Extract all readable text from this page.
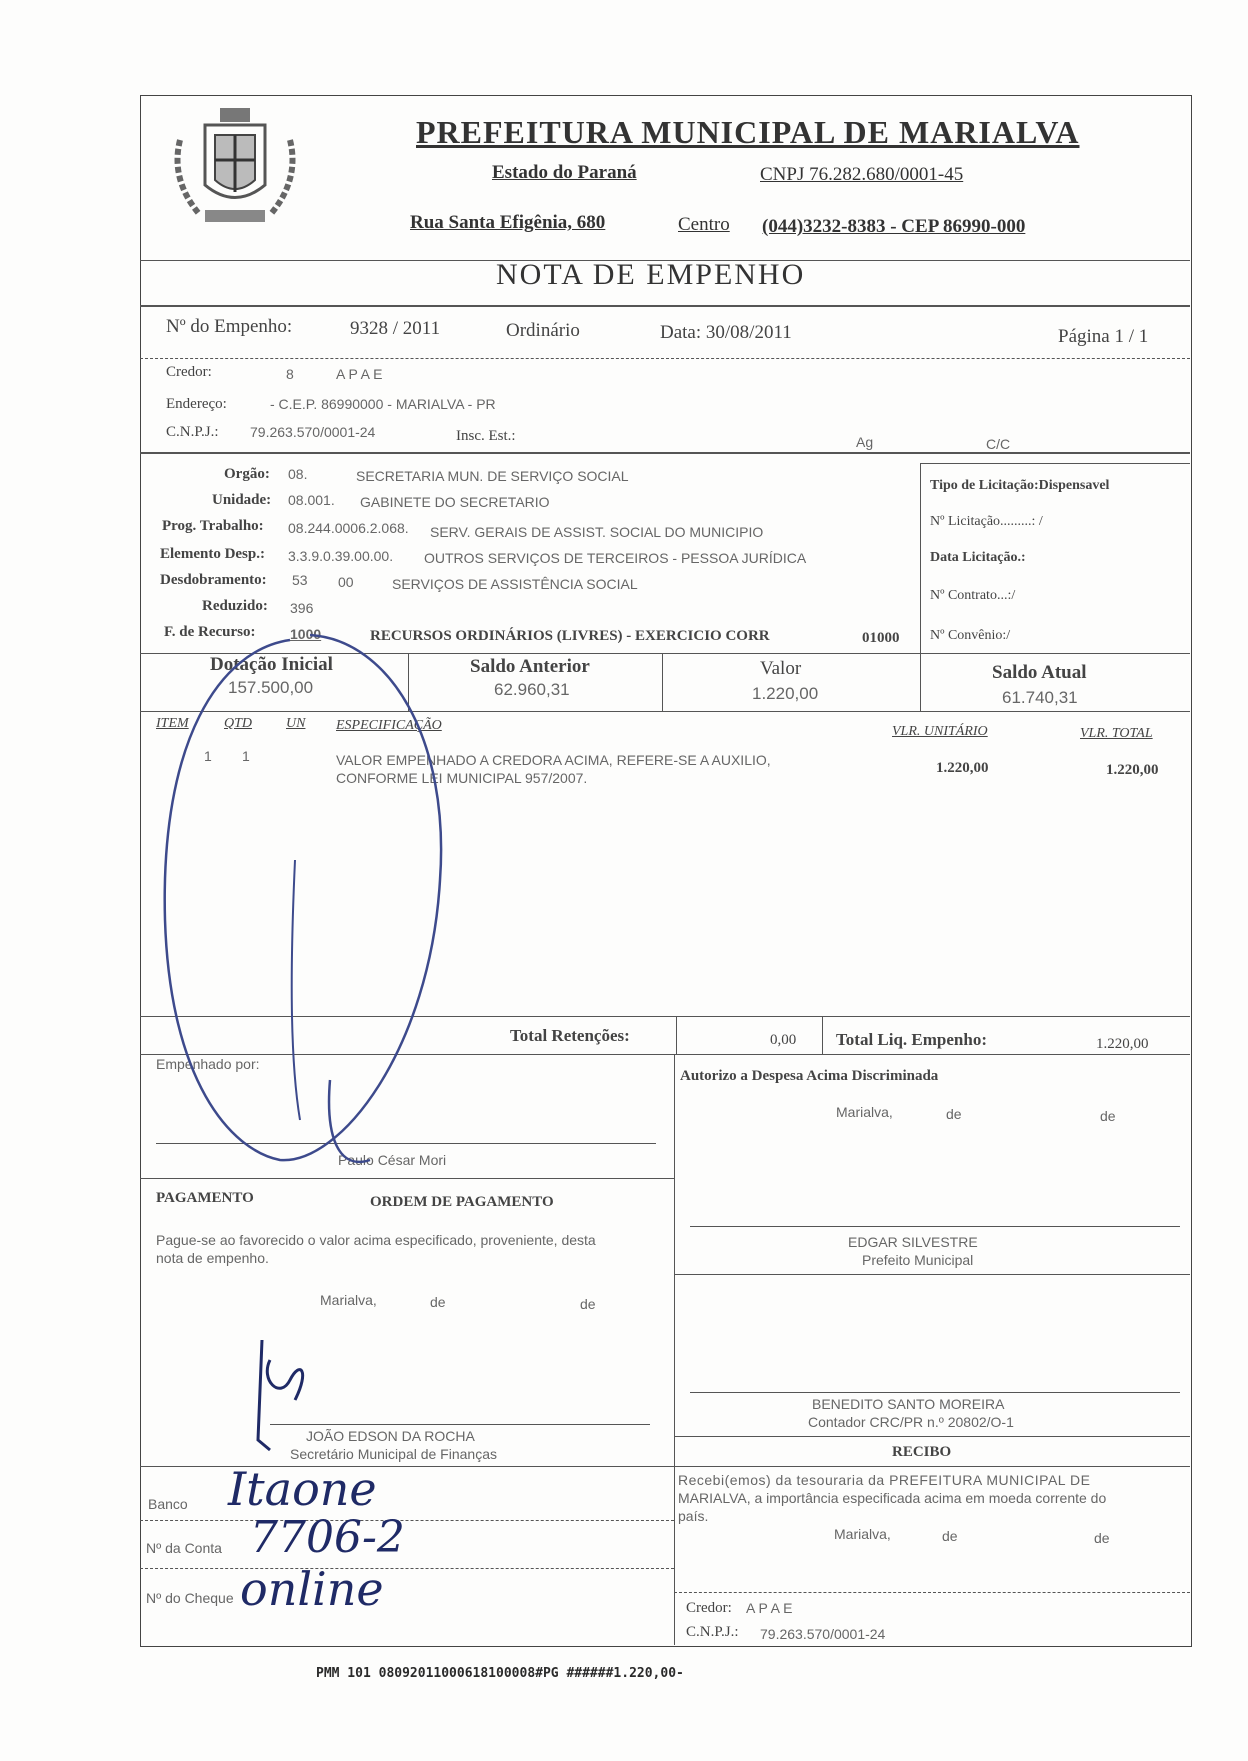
PREFEITURA MUNICIPAL DE MARIALVA
Estado do Paraná	CNPJ 76.282.680/0001-45
Rua Santa Efigênia, 680	Centro (044)3232-8383 - CEP 86990-000
NOTA DE EMPENHO
Nº do Empenho:	9328 / 2011	Ordinário	Data: 30/08/2011	Página 1 / 1
Credor:	8	A P A E
Endereço:	- C.E.P. 86990000 - MARIALVA - PR
C.N.P.J.: 79.263.570/0001-24	Insc. Est.:	Ag	C/C
Orgão: 08.	SECRETARIA MUN. DE SERVIÇO SOCIAL
Unidade: 08.001. GABINETE DO SECRETARIO
Prog. Trabalho: 08.244.0006.2.068. SERV. GERAIS DE ASSIST. SOCIAL DO MUNICIPIO
Elemento Desp.: 3.3.9.0.39.00.00. OUTROS SERVIÇOS DE TERCEIROS - PESSOA JURÍDICA
Desdobramento: 53 00	SERVIÇOS DE ASSISTÊNCIA SOCIAL
Reduzido: 396
F. de Recurso: 1000	RECURSOS ORDINÁRIOS (LIVRES) - EXERCICIO CORR	01000
Tipo de Licitação:Dispensavel
Nº Licitação.........: /
Data Licitação.:
Nº Contrato...:/
Nº Convênio:/
Dotação Inicial
157.500,00
Saldo Anterior
62.960,31
Valor
1.220,00
Saldo Atual
61.740,31
ITEM	QTD UN ESPECIFICAÇÃO	VLR. UNITÁRIO	VLR. TOTAL
1 1	VALOR EMPENHADO A CREDORA ACIMA, REFERE-SE A AUXILIO,
CONFORME LEI MUNICIPAL 957/2007.
1.220,00	1.220,00
Total Retenções:	0,00 Total Liq. Empenho:	1.220,00
Empenhado por:
Paulo César Mori
Autorizo a Despesa Acima Discriminada
Marialva,	de	de
EDGAR SILVESTRE
Prefeito Municipal
PAGAMENTO	ORDEM DE PAGAMENTO
Pague-se ao favorecido o valor acima especificado, proveniente, desta
nota de empenho.
Marialva,	de	de
JOÃO EDSON DA ROCHA
Secretário Municipal de Finanças
BENEDITO SANTO MOREIRA
Contador CRC/PR n.º 20802/O-1
RECIBO
Recebi(emos) da tesouraria da PREFEITURA MUNICIPAL DE
MARIALVA, a importância especificada acima em moeda corrente do
país.
Marialva,	de	de
Credor: A P A E
C.N.P.J.: 79.263.570/0001-24
Banco Itaone
Nº da Conta 7706-2
Nº do Cheque online
PMM 101 08092011000618100008#PG ######1.220,00-
